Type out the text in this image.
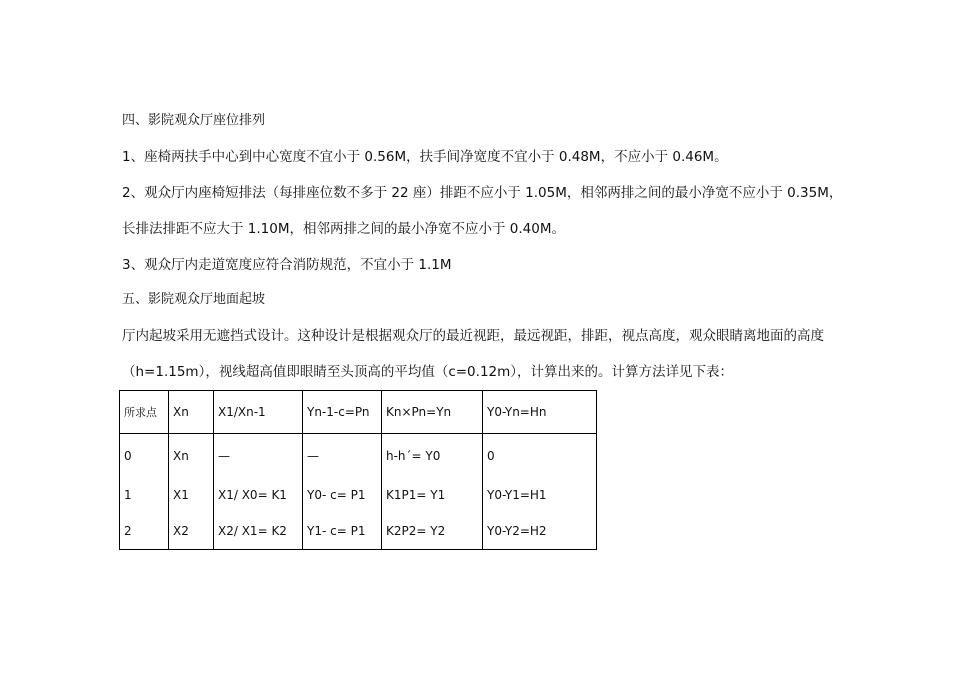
四、影院观众厅座位排列
1、座椅两扶手中心到中心宽度不宜小于 0.56M，扶手间净宽度不宜小于 0.48M，不应小于 0.46M。
2、观众厅内座椅短排法（每排座位数不多于 22 座）排距不应小于 1.05M，相邻两排之间的最小净宽不应小于 0.35M，
长排法排距不应大于 1.10M，相邻两排之间的最小净宽不应小于 0.40M。
3、观众厅内走道宽度应符合消防规范，不宜小于 1.1M
五、影院观众厅地面起坡
厅内起坡采用无遮挡式设计。这种设计是根据观众厅的最近视距，最远视距，排距，视点高度，观众眼睛离地面的高度
（h=1.15m），视线超高值即眼睛至头顶高的平均值（c=0.12m），计算出来的。计算方法详见下表：
所求点	Xn	X1/Xn-1	Yn-1-c=Pn	Kn×Pn=Yn	Y0-Yn=Hn
0	Xn	—	—	h-h´= Y0	0
1	X1	X1/ X0= K1	Y0- c= P1	K1P1= Y1	Y0-Y1=H1
2	X2	X2/ X1= K2	Y1- c= P1	K2P2= Y2	Y0-Y2=H2
